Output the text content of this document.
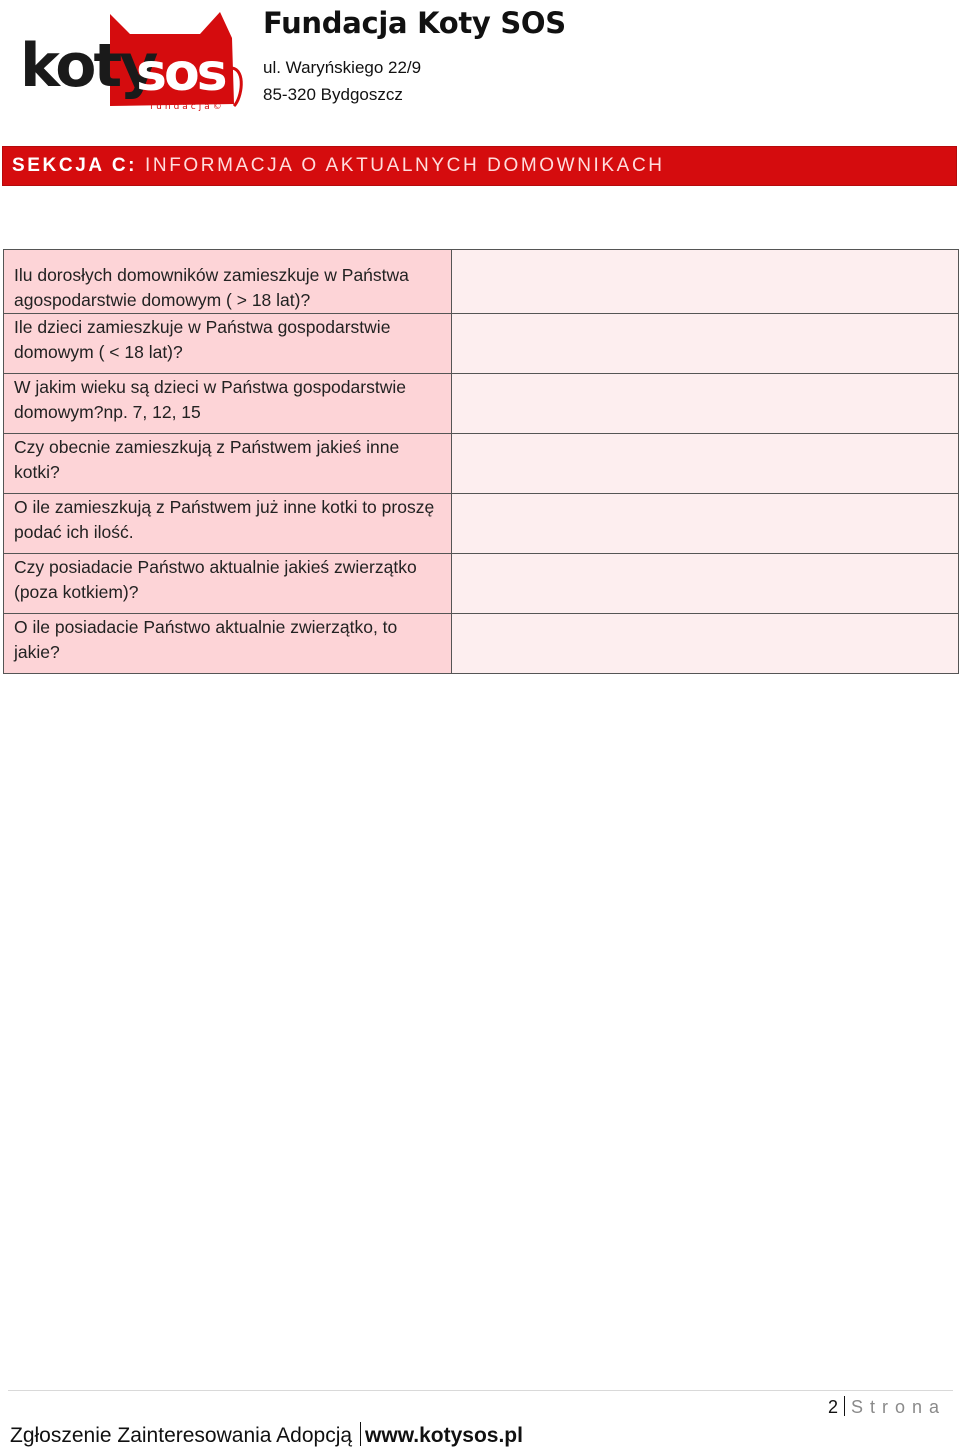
koty
sos
fundacja©
Fundacja Koty SOS
ul. Waryńskiego 22/9
85-320 Bydgoszcz
SEKCJA C: INFORMACJA O AKTUALNYCH DOMOWNIKACH
Ilu dorosłych domowników zamieszkuje w Państwa agospodarstwie domowym ( > 18 lat)?	
Ile dzieci zamieszkuje w Państwa gospodarstwie domowym ( < 18 lat)?	
W jakim wieku są dzieci w Państwa gospodarstwie domowym?np. 7, 12, 15	
Czy obecnie zamieszkują z Państwem jakieś inne kotki?	
O ile zamieszkują z Państwem już inne kotki to proszę podać ich ilość.	
Czy posiadacie Państwo aktualnie jakieś zwierzątko (poza kotkiem)?	
O ile posiadacie Państwo aktualnie zwierzątko, to jakie?	
2 Strona
Zgłoszenie Zainteresowania Adopcją www.kotysos.pl
